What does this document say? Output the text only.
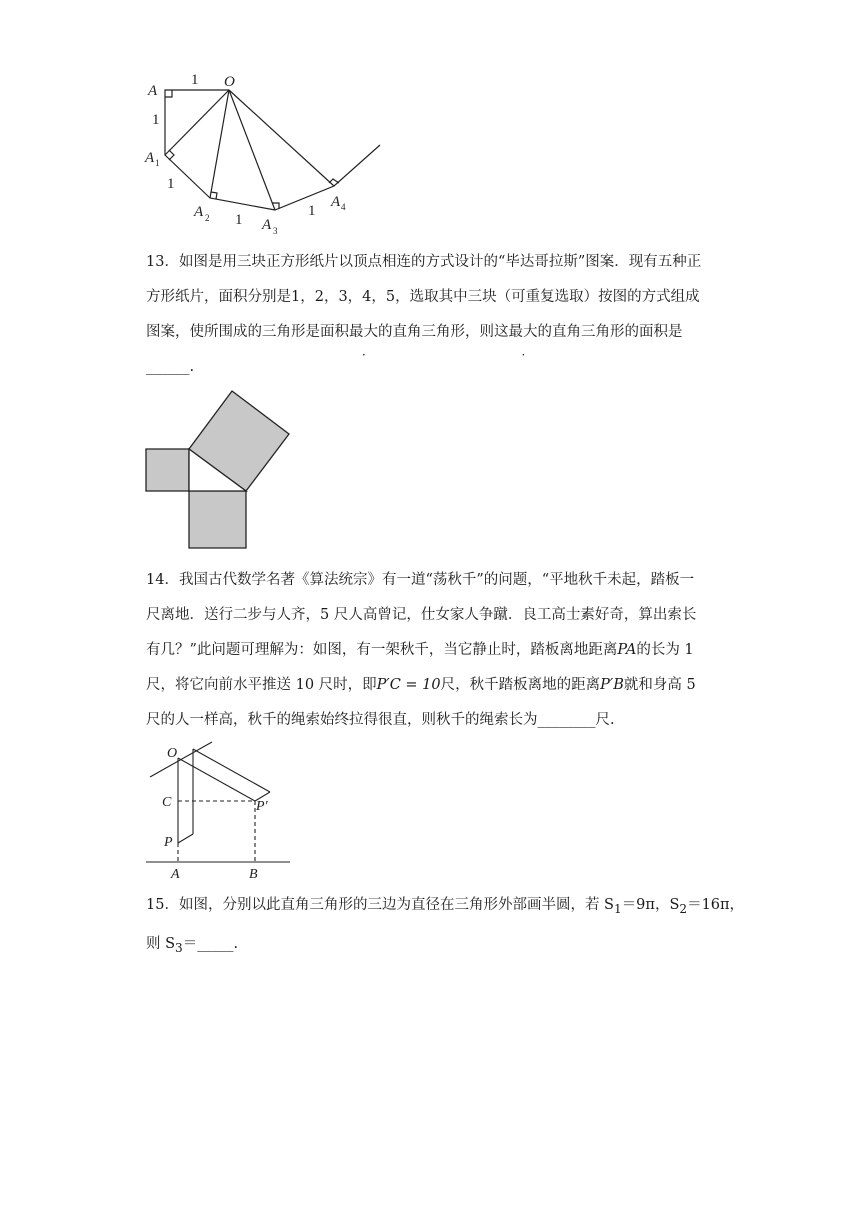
A
O
1
1
A 1
1
A 2 1 A 3
1
A 4

13．如图是用三块正方形纸片以顶点相连的方式设计的“毕达哥拉斯”图案．现有五种正

方形纸片，面积分别是1，2，3，4，5，选取其中三块（可重复选取）按图的方式组成

图案，使所围成的三角形是面积最大的直角三角形，则这最大的直角三角形的面积是

______.

14．我国古代数学名著《算法统宗》有一道“荡秋千”的问题，“平地秋千未起，踏板一

尺离地．送行二步与人齐，5 尺人高曾记，仕女家人争蹴．良工高士素好奇，算出索长

有几？”此问题可理解为：如图，有一架秋千，当它静止时，踏板离地距离PA的长为 1

尺，将它向前水平推送 10 尺时，即P′C = 10尺，秋千踏板离地的距离P′B就和身高 5

尺的人一样高，秋千的绳索始终拉得很直，则秋千的绳索长为________尺.

O
C	P′
P
A	B

15．如图，分别以此直角三角形的三边为直径在三角形外部画半圆，若 $S_1=9\pi$，$S_2=16\pi$，

则 $S_3=\_\_\_\_\_$.
